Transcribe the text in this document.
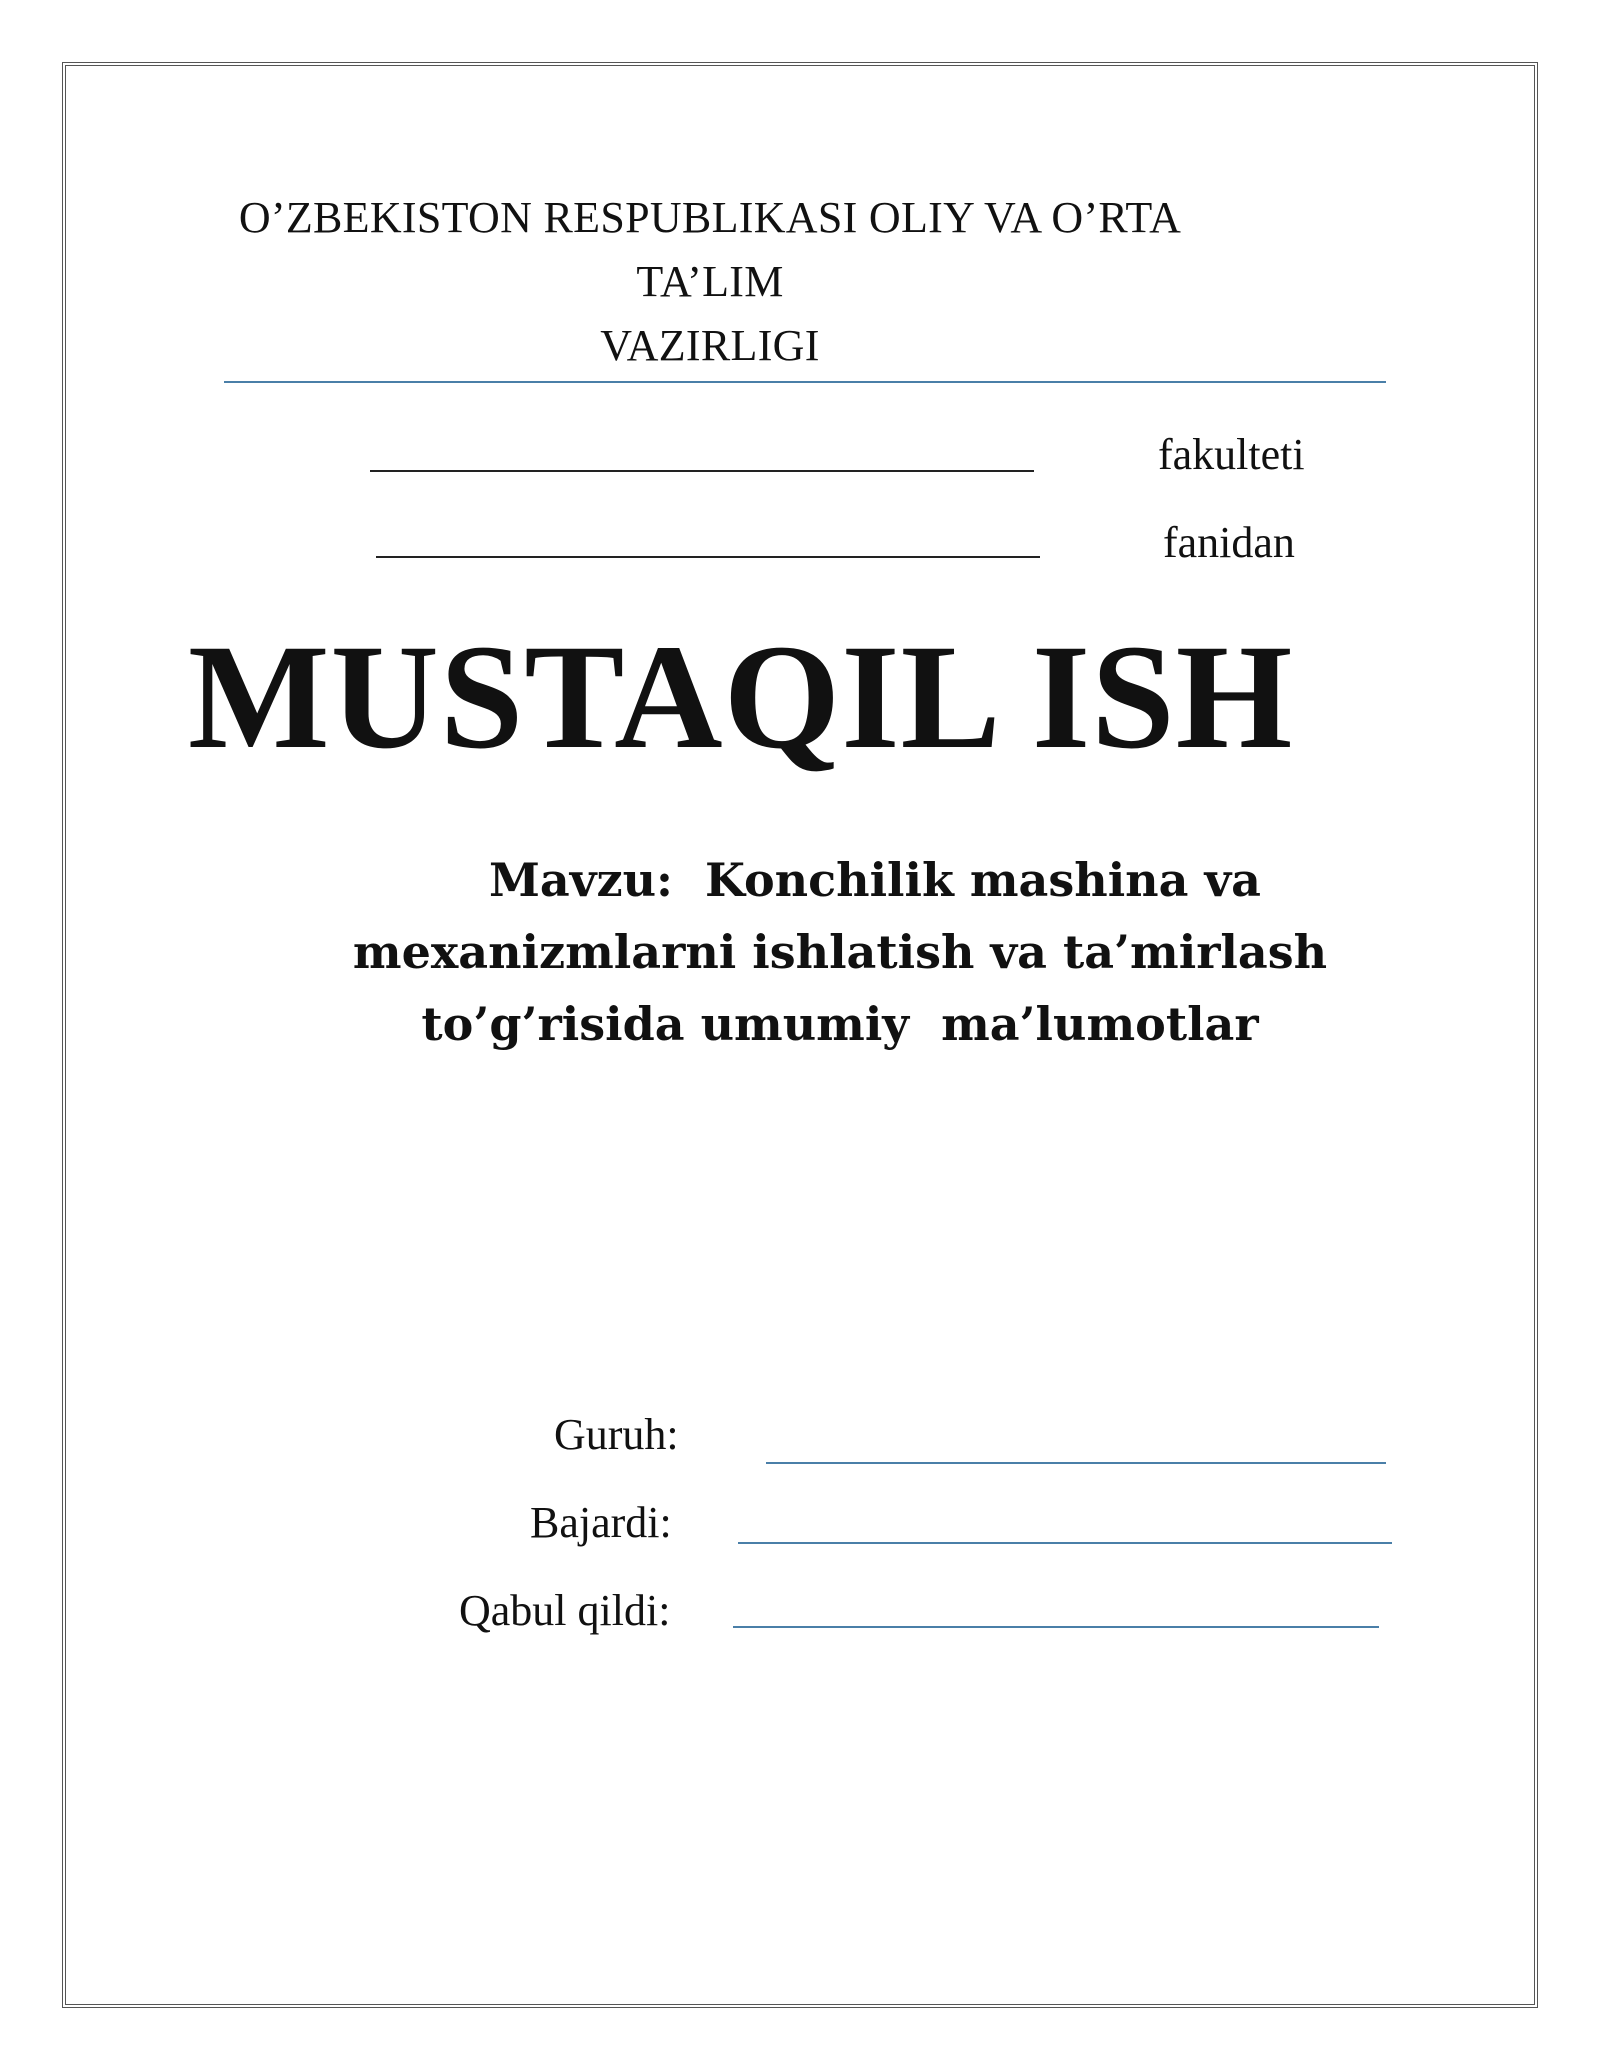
O’ZBEKISTON RESPUBLIKASI OLIY VA O’RTA TA’LIM
VAZIRLIGI
fakulteti
fanidan
MUSTAQIL ISH
Mavzu:  Konchilik mashina va
mexanizmlarni ishlatish va ta’mirlash
to’g’risida umumiy  ma’lumotlar
Guruh:
Bajardi:
Qabul qildi:
